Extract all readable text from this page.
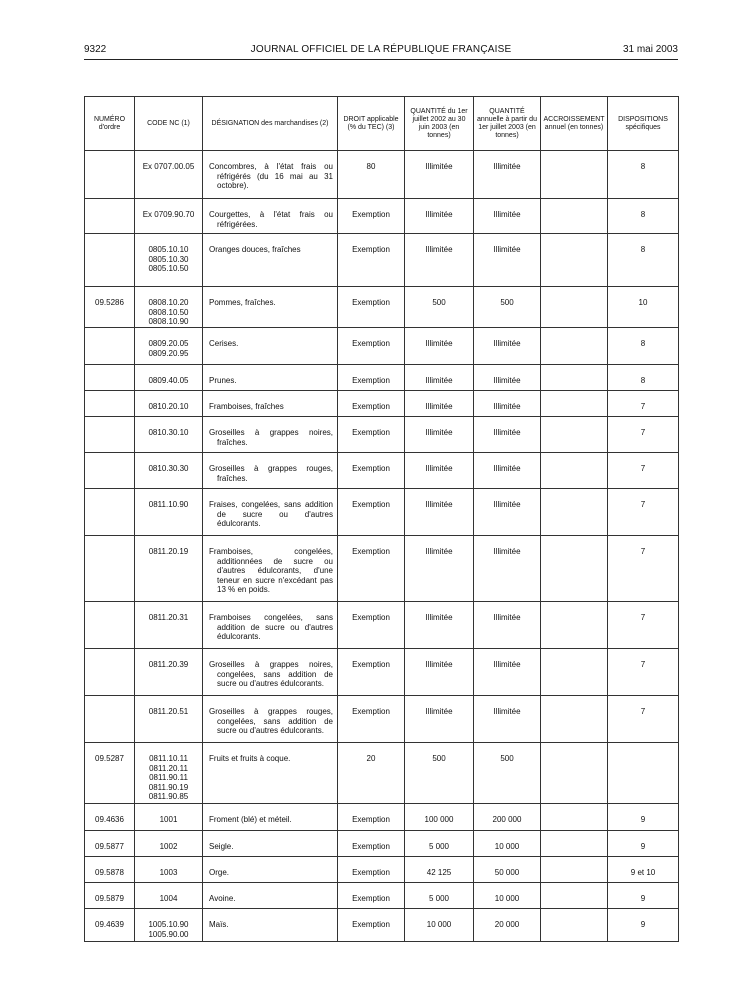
9322	JOURNAL OFFICIEL DE LA RÉPUBLIQUE FRANÇAISE	31 mai 2003
NUMÉRO d'ordre	CODE NC (1)	DÉSIGNATION des marchandises (2)	DROIT applicable (% du TEC) (3)	QUANTITÉ du 1er juillet 2002 au 30 juin 2003 (en tonnes)	QUANTITÉ annuelle à partir du 1er juillet 2003 (en tonnes)	ACCROISSEMENT annuel (en tonnes)	DISPOSITIONS spécifiques

	Ex 0707.00.05	Concombres, à l'état frais ou réfrigérés (du 16 mai au 31 octobre).	80	Illimitée	Illimitée		8

	Ex 0709.90.70	Courgettes, à l'état frais ou réfrigérées.	Exemption	Illimitée	Illimitée		8

	0805.10.10
0805.10.30
0805.10.50	Oranges douces, fraîches	Exemption	Illimitée	Illimitée		8
09.5286	0808.10.20
0808.10.50
0808.10.90	Pommes, fraîches.	Exemption	500	500		10

	0809.20.05
0809.20.95	Cerises.	Exemption	Illimitée	Illimitée		8

	0809.40.05	Prunes.	Exemption	Illimitée	Illimitée		8

	0810.20.10	Framboises, fraîches	Exemption	Illimitée	Illimitée		7

	0810.30.10	Groseilles à grappes noires, fraîches.	Exemption	Illimitée	Illimitée		7

	0810.30.30	Groseilles à grappes rouges, fraîches.	Exemption	Illimitée	Illimitée		7

	0811.10.90	Fraises, congelées, sans addition de sucre ou d'autres édulcorants.	Exemption	Illimitée	Illimitée		7

	0811.20.19	Framboises, congelées, additionnées de sucre ou d'autres édulcorants, d'une teneur en sucre n'excédant pas 13 % en poids.	Exemption	Illimitée	Illimitée		7

	0811.20.31	Framboises congelées, sans addition de sucre ou d'autres édulcorants.	Exemption	Illimitée	Illimitée		7

	0811.20.39	Groseilles à grappes noires, congelées, sans addition de sucre ou d'autres édulcorants.	Exemption	Illimitée	Illimitée		7

	0811.20.51	Groseilles à grappes rouges, congelées, sans addition de sucre ou d'autres édulcorants.	Exemption	Illimitée	Illimitée		7
09.5287	0811.10.11
0811.20.11
0811.90.11
0811.90.19
0811.90.85	Fruits et fruits à coque.	20	500	500		
09.4636	1001	Froment (blé) et méteil.	Exemption	100 000	200 000		9
09.5877	1002	Seigle.	Exemption	5 000	10 000		9
09.5878	1003	Orge.	Exemption	42 125	50 000		9 et 10
09.5879	1004	Avoine.	Exemption	5 000	10 000		9
09.4639	1005.10.90
1005.90.00	Maïs.	Exemption	10 000	20 000		9
